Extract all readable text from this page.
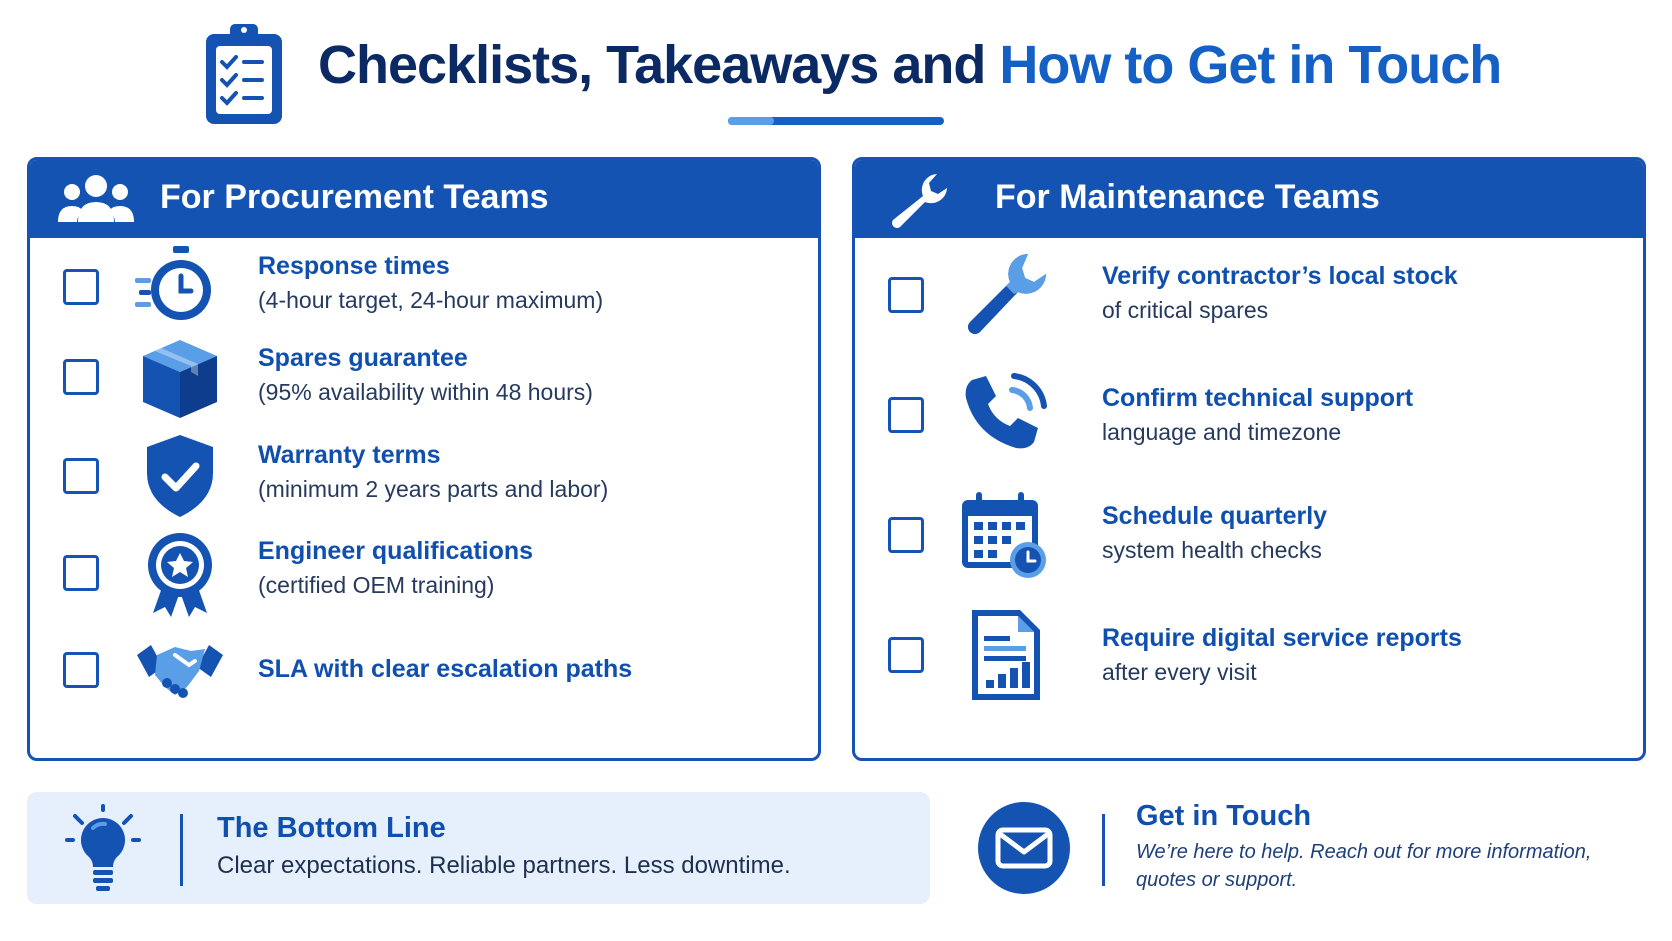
Checklists, Takeaways and How to Get in Touch
For Procurement Teams
Response times
(4-hour target, 24-hour maximum)
Spares guarantee
(95% availability within 48 hours)
Warranty terms
(minimum 2 years parts and labor)
Engineer qualifications
(certified OEM training)
SLA with clear escalation paths
For Maintenance Teams
Verify contractor’s local stock
of critical spares
Confirm technical support
language and timezone
Schedule quarterly
system health checks
Require digital service reports
after every visit
The Bottom Line
Clear expectations. Reliable partners. Less downtime.
Get in Touch
We’re here to help. Reach out for more information, quotes or support.
